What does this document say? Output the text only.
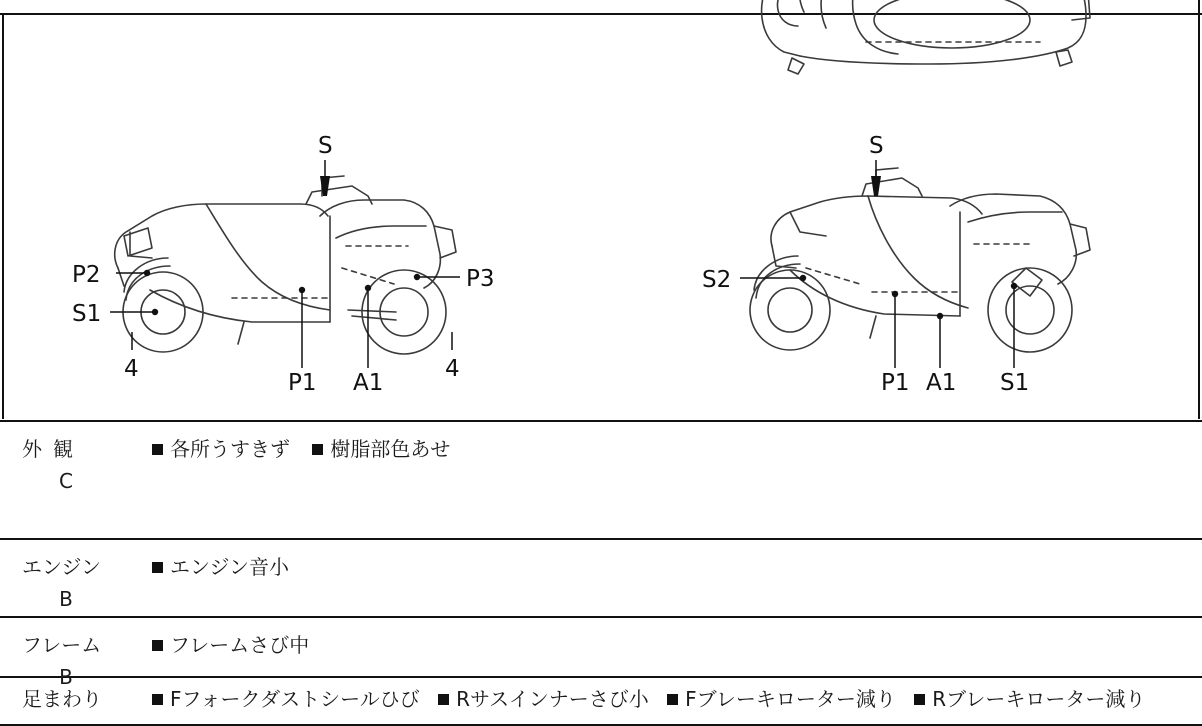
S
P2
S1
P3
4	4
P1 A1
S
S2
P1 A1 S1
外観
C
各所うすきず 樹脂部色あせ
エンジン
B
エンジン音小
フレーム
B
フレームさび中
足まわり	Fフォークダストシールひび Rサスインナーさび小 Fブレーキローター減り Rブレーキローター減り
